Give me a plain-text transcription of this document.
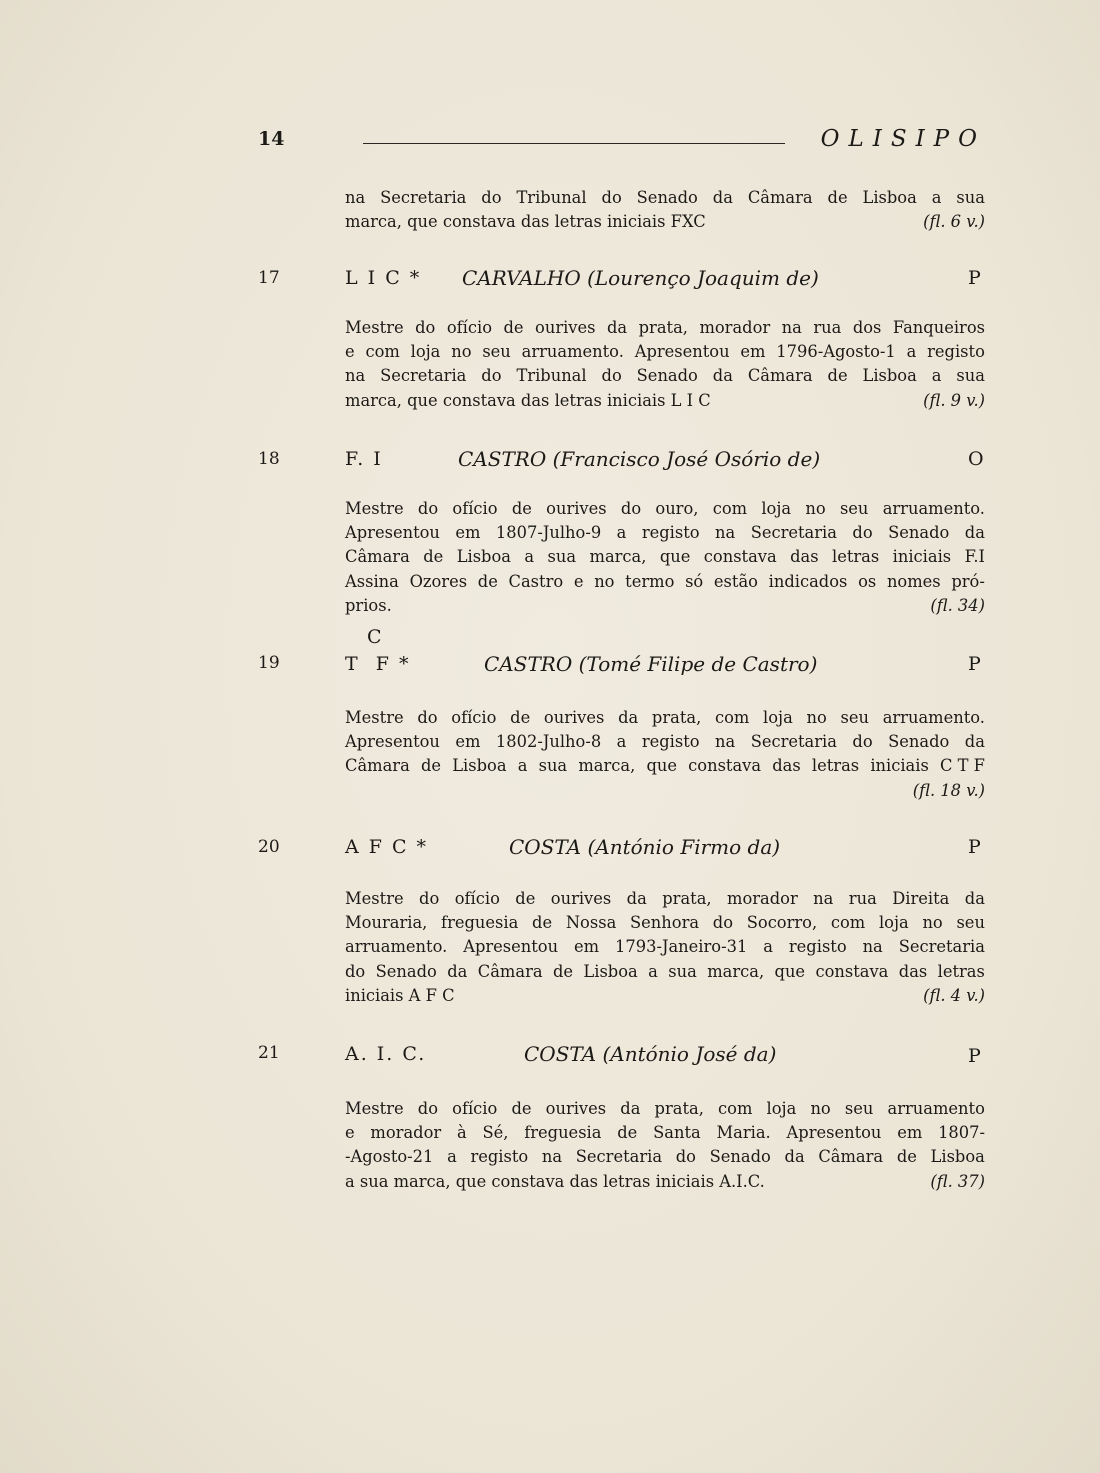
14	OLISIPO
na Secretaria do Tribunal do Senado da Câmara de Lisboa a sua
marca, que constava das letras iniciais FXC	(fl. 6 v.)
17	L I C * CARVALHO (Lourenço Joaquim de)	P
Mestre do ofício de ourives da prata, morador na rua dos Fanqueiros
e com loja no seu arruamento. Apresentou em 1796-Agosto-1 a registo
na Secretaria do Tribunal do Senado da Câmara de Lisboa a sua
marca, que constava das letras iniciais L I C	(fl. 9 v.)
18	F. I	CASTRO (Francisco José Osório de)	O
Mestre do ofício de ourives do ouro, com loja no seu arruamento.
Apresentou em 1807-Julho-9 a registo na Secretaria do Senado da
Câmara de Lisboa a sua marca, que constava das letras iniciais F.I
Assina Ozores de Castro e no termo só estão indicados os nomes pró-
prios.	(fl. 34)
C
19	T  F *	CASTRO (Tomé Filipe de Castro)	P
Mestre do ofício de ourives da prata, com loja no seu arruamento.
Apresentou em 1802-Julho-8 a registo na Secretaria do Senado da
Câmara de Lisboa a sua marca, que constava das letras iniciais C T F
(fl. 18 v.)
20	A F C *	COSTA (António Firmo da)	P
Mestre do ofício de ourives da prata, morador na rua Direita da
Mouraria, freguesia de Nossa Senhora do Socorro, com loja no seu
arruamento. Apresentou em 1793-Janeiro-31 a registo na Secretaria
do Senado da Câmara de Lisboa a sua marca, que constava das letras
iniciais A F C	(fl. 4 v.)
21	A. I. C.	COSTA (António José da)	P
Mestre do ofício de ourives da prata, com loja no seu arruamento
e morador à Sé, freguesia de Santa Maria. Apresentou em 1807-
-Agosto-21 a registo na Secretaria do Senado da Câmara de Lisboa
a sua marca, que constava das letras iniciais A.I.C.	(fl. 37)
